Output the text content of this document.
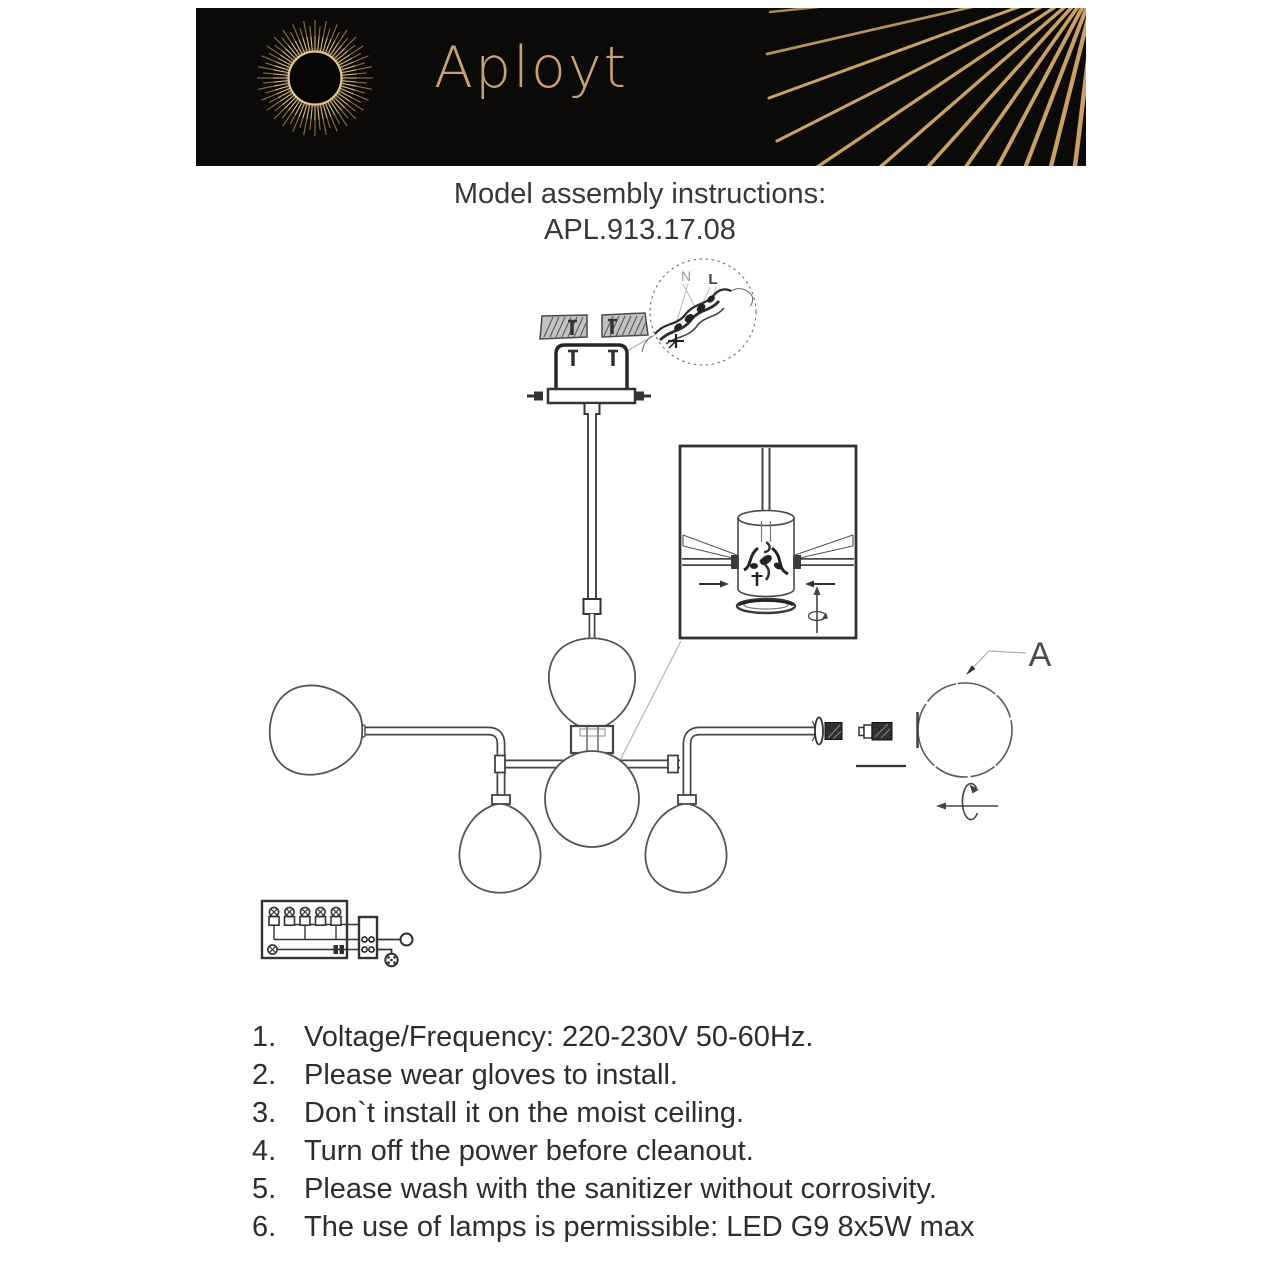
Aployt
Model assembly instructions:
APL.913.17.08
N L
A
1. Voltage/Frequency: 220-230V 50-60Hz.
2. Please wear gloves to install.
3. Don`t install it on the moist ceiling.
4. Turn off the power before cleanout.
5. Please wash with the sanitizer without corrosivity.
6. The use of lamps is permissible: LED G9 8x5W max
